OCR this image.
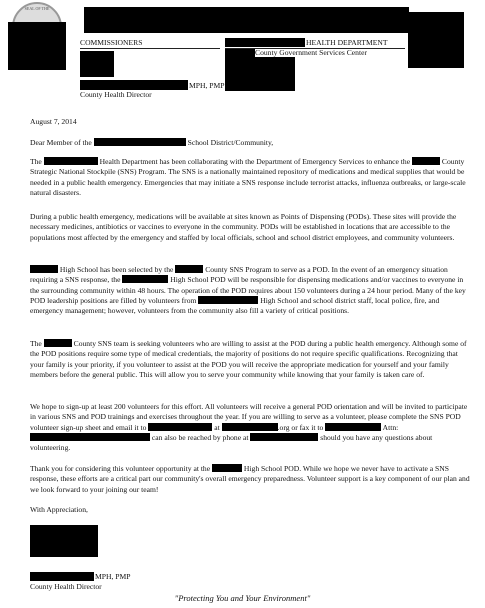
SEAL OF THE
COMMISSIONERS	HEALTH DEPARTMENT
County Government Services Center
MPH, PMP
County Health Director
August 7, 2014
Dear Member of the	School District/Community,
The	Health Department has been collaborating with the Department of Emergency Services to enhance the	County Strategic National Stockpile (SNS) Program. The SNS is a nationally maintained repository of medications and medical supplies that would be needed in a public health emergency. Emergencies that may initiate a SNS response include terrorist attacks, influenza outbreaks, or large-scale natural disasters.
During a public health emergency, medications will be available at sites known as Points of Dispensing (PODs). These sites will provide the necessary medicines, antibiotics or vaccines to everyone in the community. PODs will be established in locations that are accessible to the populations most affected by the emergency and staffed by local officials, school and school district employees, and community volunteers.
High School has been selected by the	County SNS Program to serve as a POD. In the event of an emergency situation requiring a SNS response, the	High School POD will be responsible for dispensing medications and/or vaccines to everyone in the surrounding community within 48 hours. The operation of the POD requires about 150 volunteers during a 24 hour period. Many of the key POD leadership positions are filled by volunteers from	High School and school district staff, local police, fire, and emergency management; however, volunteers from the community also fill a variety of critical positions.
The	County SNS team is seeking volunteers who are willing to assist at the POD during a public health emergency. Although some of the POD positions require some type of medical credentials, the majority of positions do not require specific qualifications. Recognizing that your family is your priority, if you volunteer to assist at the POD you will receive the appropriate medication for yourself and your family members before the general public. This will allow you to serve your community while knowing that your family is taken care of.
We hope to sign-up at least 200 volunteers for this effort. All volunteers will receive a general POD orientation and will be invited to participate in various SNS and POD trainings and exercises throughout the year. If you are willing to serve as a volunteer, please complete the SNS POD volunteer sign-up sheet and email it to	at	.org or fax it to	Attn:  can also be reached by phone at	should you have any questions about volunteering.
Thank you for considering this volunteer opportunity at the	High School POD. While we hope we never have to activate a SNS response, these efforts are a critical part our community's overall emergency preparedness. Volunteer support is a key component of our plan and we look forward to your joining our team!
With Appreciation,
MPH, PMP
County Health Director
"Protecting You and Your Environment"
